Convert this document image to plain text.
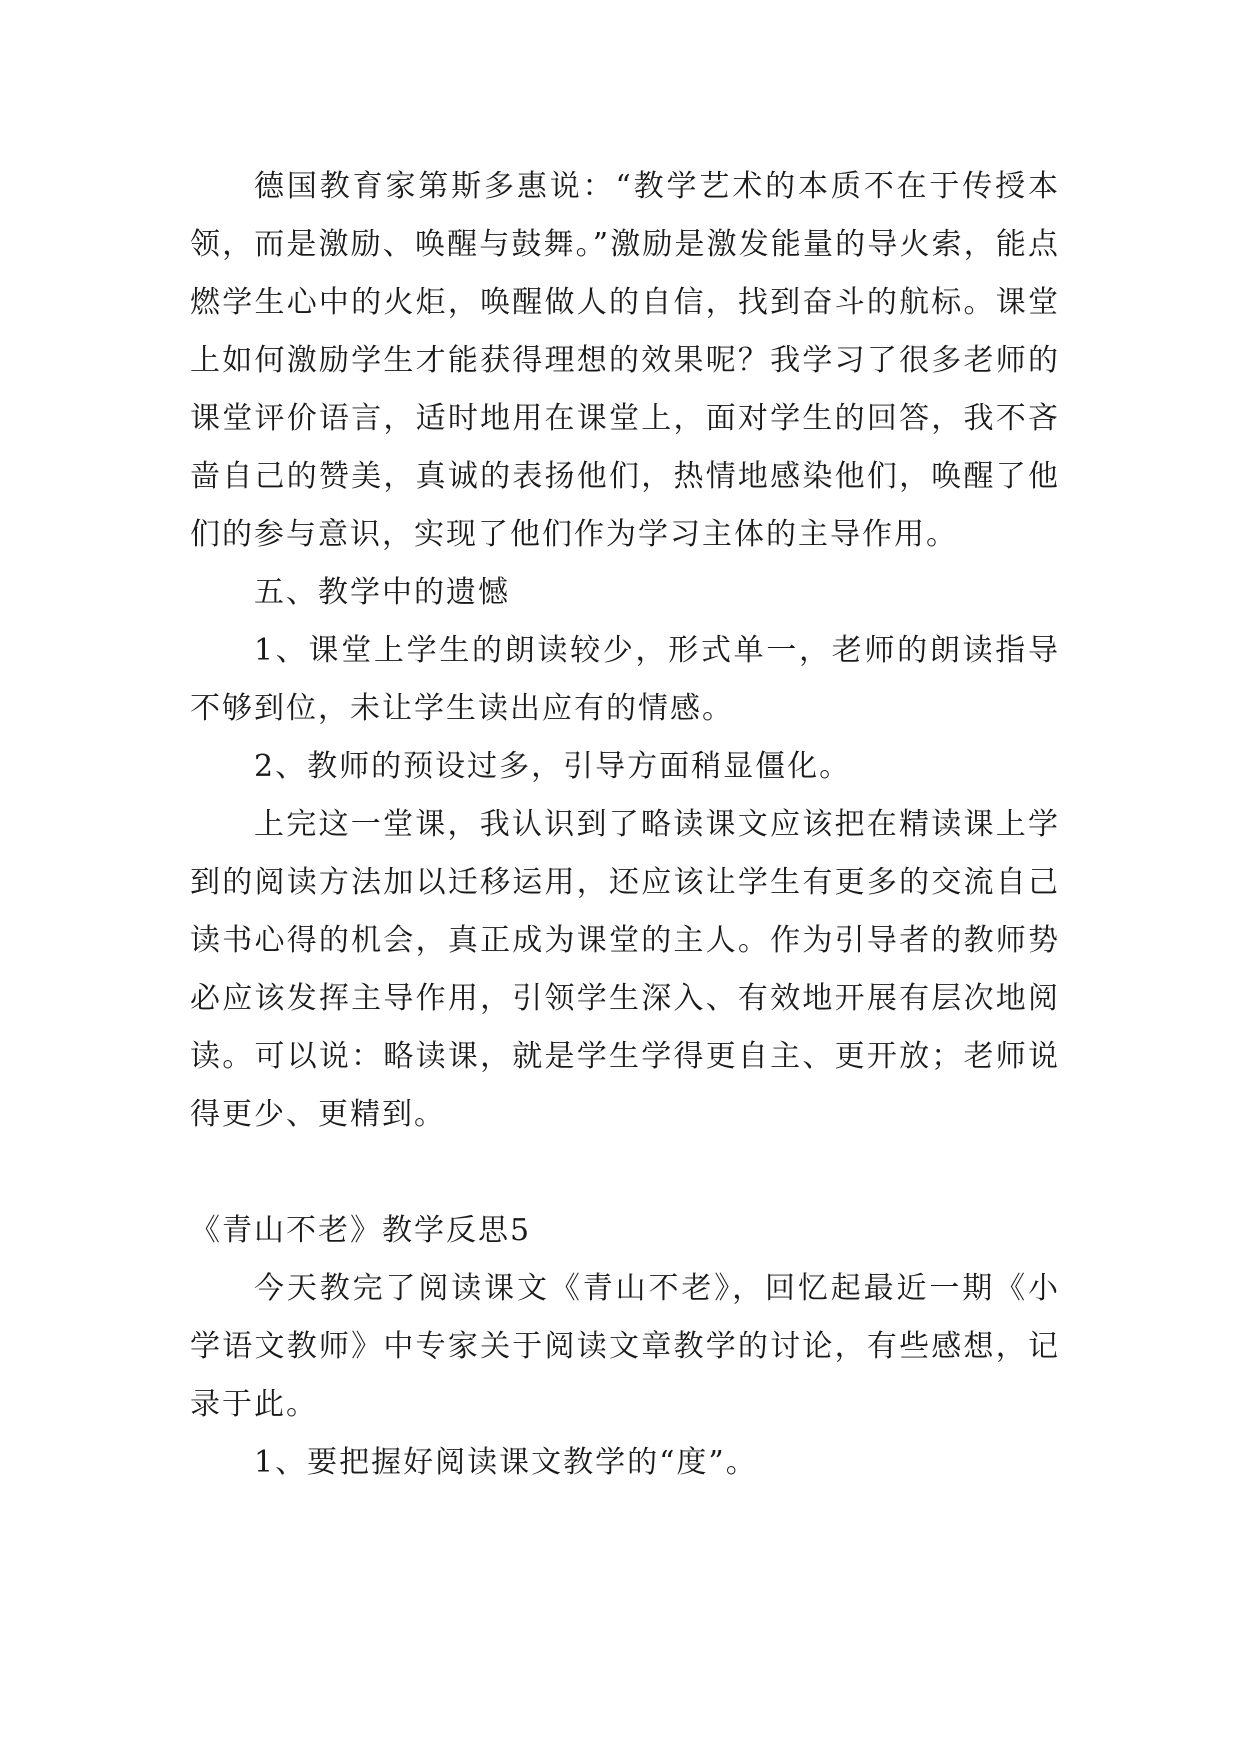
德国教育家第斯多惠说：“教学艺术的本质不在于传授本领，而是激励、唤醒与鼓舞。”激励是激发能量的导火索，能点燃学生心中的火炬，唤醒做人的自信，找到奋斗的航标。课堂上如何激励学生才能获得理想的效果呢？我学习了很多老师的课堂评价语言，适时地用在课堂上，面对学生的回答，我不吝啬自己的赞美，真诚的表扬他们，热情地感染他们，唤醒了他们的参与意识，实现了他们作为学习主体的主导作用。

五、教学中的遗憾

1、课堂上学生的朗读较少，形式单一，老师的朗读指导不够到位，未让学生读出应有的情感。

2、教师的预设过多，引导方面稍显僵化。

上完这一堂课，我认识到了略读课文应该把在精读课上学到的阅读方法加以迁移运用，还应该让学生有更多的交流自己读书心得的机会，真正成为课堂的主人。作为引导者的教师势必应该发挥主导作用，引领学生深入、有效地开展有层次地阅读。可以说：略读课，就是学生学得更自主、更开放；老师说得更少、更精到。

《青山不老》教学反思5

今天教完了阅读课文《青山不老》，回忆起最近一期《小学语文教师》中专家关于阅读文章教学的讨论，有些感想，记录于此。

1、要把握好阅读课文教学的“度”。
